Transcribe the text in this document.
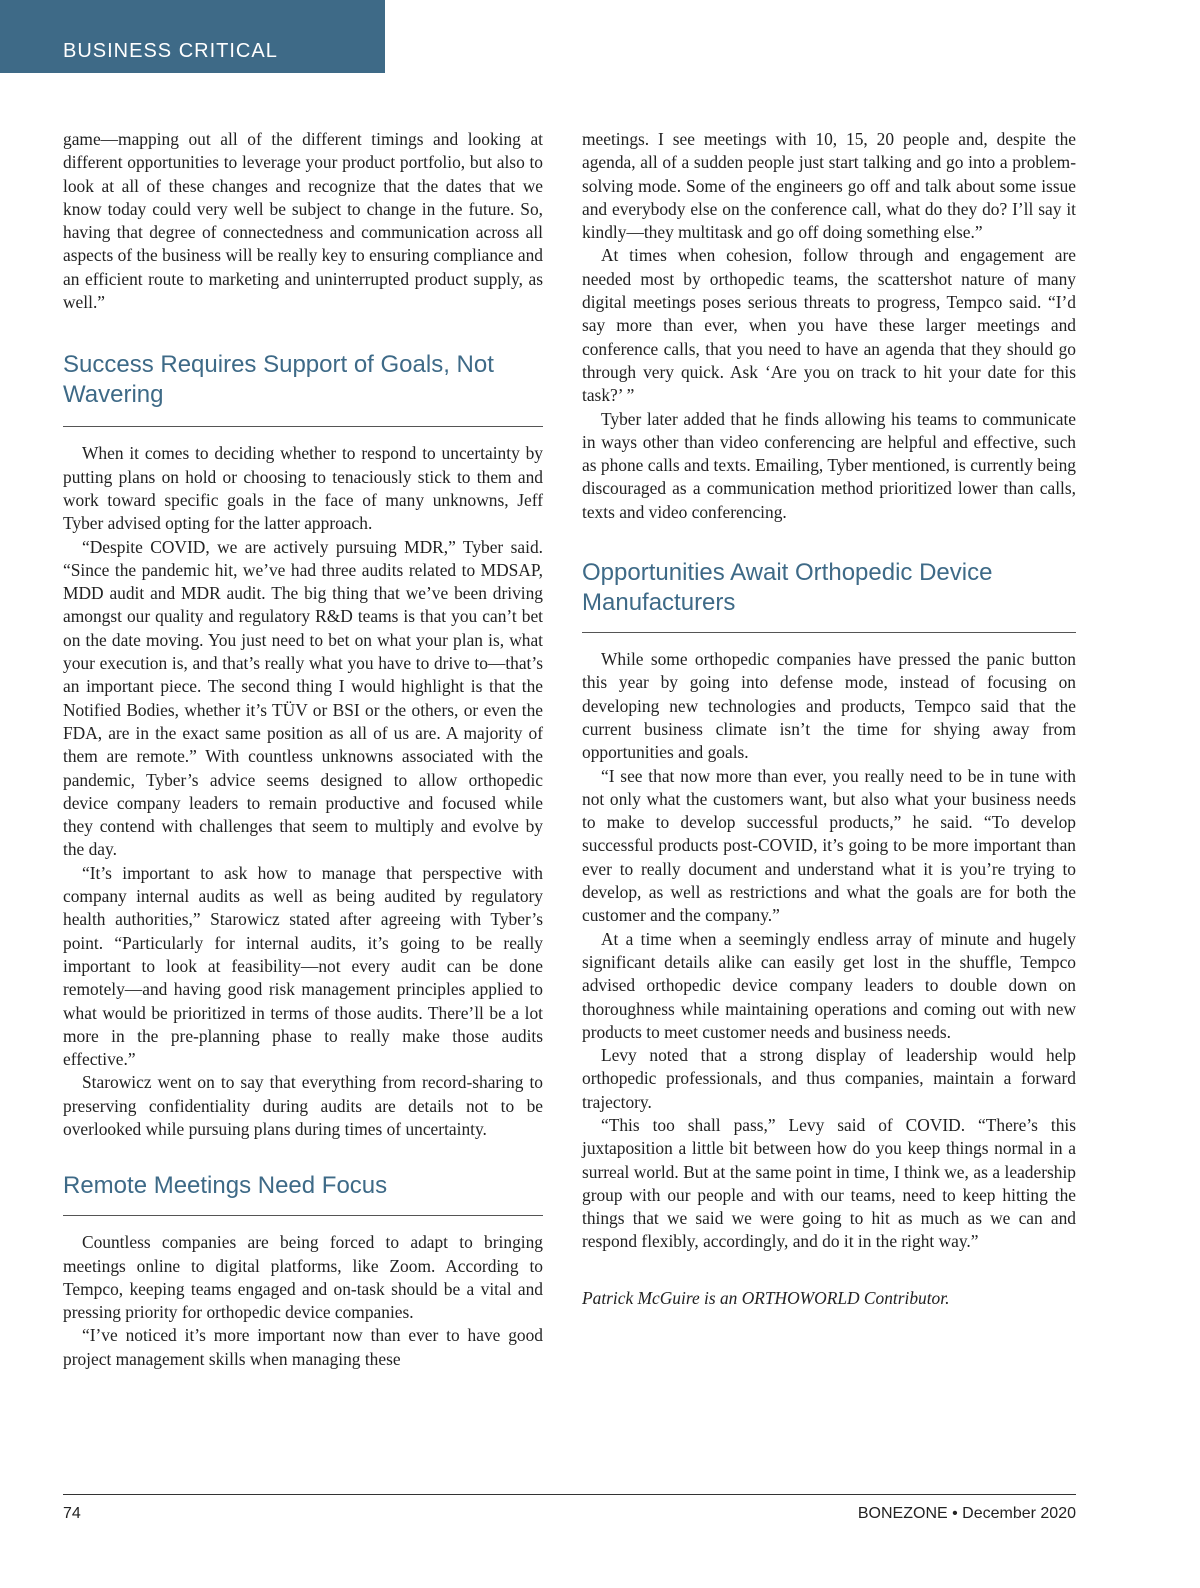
BUSINESS CRITICAL

game—mapping out all of the different timings and looking at different opportunities to leverage your product portfolio, but also to look at all of these changes and recognize that the dates that we know today could very well be subject to change in the future. So, having that degree of connectedness and communication across all aspects of the business will be really key to ensuring compliance and an efficient route to marketing and uninterrupted product supply, as well.”

Success Requires Support of Goals, Not Wavering

When it comes to deciding whether to respond to uncertainty by putting plans on hold or choosing to tenaciously stick to them and work toward specific goals in the face of many unknowns, Jeff Tyber advised opting for the latter approach.

“Despite COVID, we are actively pursuing MDR,” Tyber said. “Since the pandemic hit, we’ve had three audits related to MDSAP, MDD audit and MDR audit. The big thing that we’ve been driving amongst our quality and regulatory R&D teams is that you can’t bet on the date moving. You just need to bet on what your plan is, what your execution is, and that’s really what you have to drive to—that’s an important piece. The second thing I would highlight is that the Notified Bodies, whether it’s TÜV or BSI or the others, or even the FDA, are in the exact same position as all of us are. A majority of them are remote.” With countless unknowns associated with the pandemic, Tyber’s advice seems designed to allow orthopedic device company leaders to remain productive and focused while they contend with challenges that seem to multiply and evolve by the day.

“It’s important to ask how to manage that perspective with company internal audits as well as being audited by regulatory health authorities,” Starowicz stated after agreeing with Tyber’s point. “Particularly for internal audits, it’s going to be really important to look at feasibility—not every audit can be done remotely—and having good risk management principles applied to what would be prioritized in terms of those audits. There’ll be a lot more in the pre-planning phase to really make those audits effective.”

Starowicz went on to say that everything from record-sharing to preserving confidentiality during audits are details not to be overlooked while pursuing plans during times of uncertainty.

Remote Meetings Need Focus

Countless companies are being forced to adapt to bringing meetings online to digital platforms, like Zoom. According to Tempco, keeping teams engaged and on-task should be a vital and pressing priority for orthopedic device companies.

“I’ve noticed it’s more important now than ever to have good project management skills when managing these

meetings. I see meetings with 10, 15, 20 people and, despite the agenda, all of a sudden people just start talking and go into a problem-solving mode. Some of the engineers go off and talk about some issue and everybody else on the conference call, what do they do? I’ll say it kindly—they multitask and go off doing something else.”

At times when cohesion, follow through and engagement are needed most by orthopedic teams, the scattershot nature of many digital meetings poses serious threats to progress, Tempco said. “I’d say more than ever, when you have these larger meetings and conference calls, that you need to have an agenda that they should go through very quick. Ask ‘Are you on track to hit your date for this task?’ ”

Tyber later added that he finds allowing his teams to communicate in ways other than video conferencing are helpful and effective, such as phone calls and texts. Emailing, Tyber mentioned, is currently being discouraged as a communication method prioritized lower than calls, texts and video conferencing.

Opportunities Await Orthopedic Device Manufacturers

While some orthopedic companies have pressed the panic button this year by going into defense mode, instead of focusing on developing new technologies and products, Tempco said that the current business climate isn’t the time for shying away from opportunities and goals.

“I see that now more than ever, you really need to be in tune with not only what the customers want, but also what your business needs to make to develop successful products,” he said. “To develop successful products post-COVID, it’s going to be more important than ever to really document and understand what it is you’re trying to develop, as well as restrictions and what the goals are for both the customer and the company.”

At a time when a seemingly endless array of minute and hugely significant details alike can easily get lost in the shuffle, Tempco advised orthopedic device company leaders to double down on thoroughness while maintaining operations and coming out with new products to meet customer needs and business needs.

Levy noted that a strong display of leadership would help orthopedic professionals, and thus companies, maintain a forward trajectory.

“This too shall pass,” Levy said of COVID. “There’s this juxtaposition a little bit between how do you keep things normal in a surreal world. But at the same point in time, I think we, as a leadership group with our people and with our teams, need to keep hitting the things that we said we were going to hit as much as we can and respond flexibly, accordingly, and do it in the right way.”

Patrick McGuire is an ORTHOWORLD Contributor.

74	BONEZONE • December 2020
